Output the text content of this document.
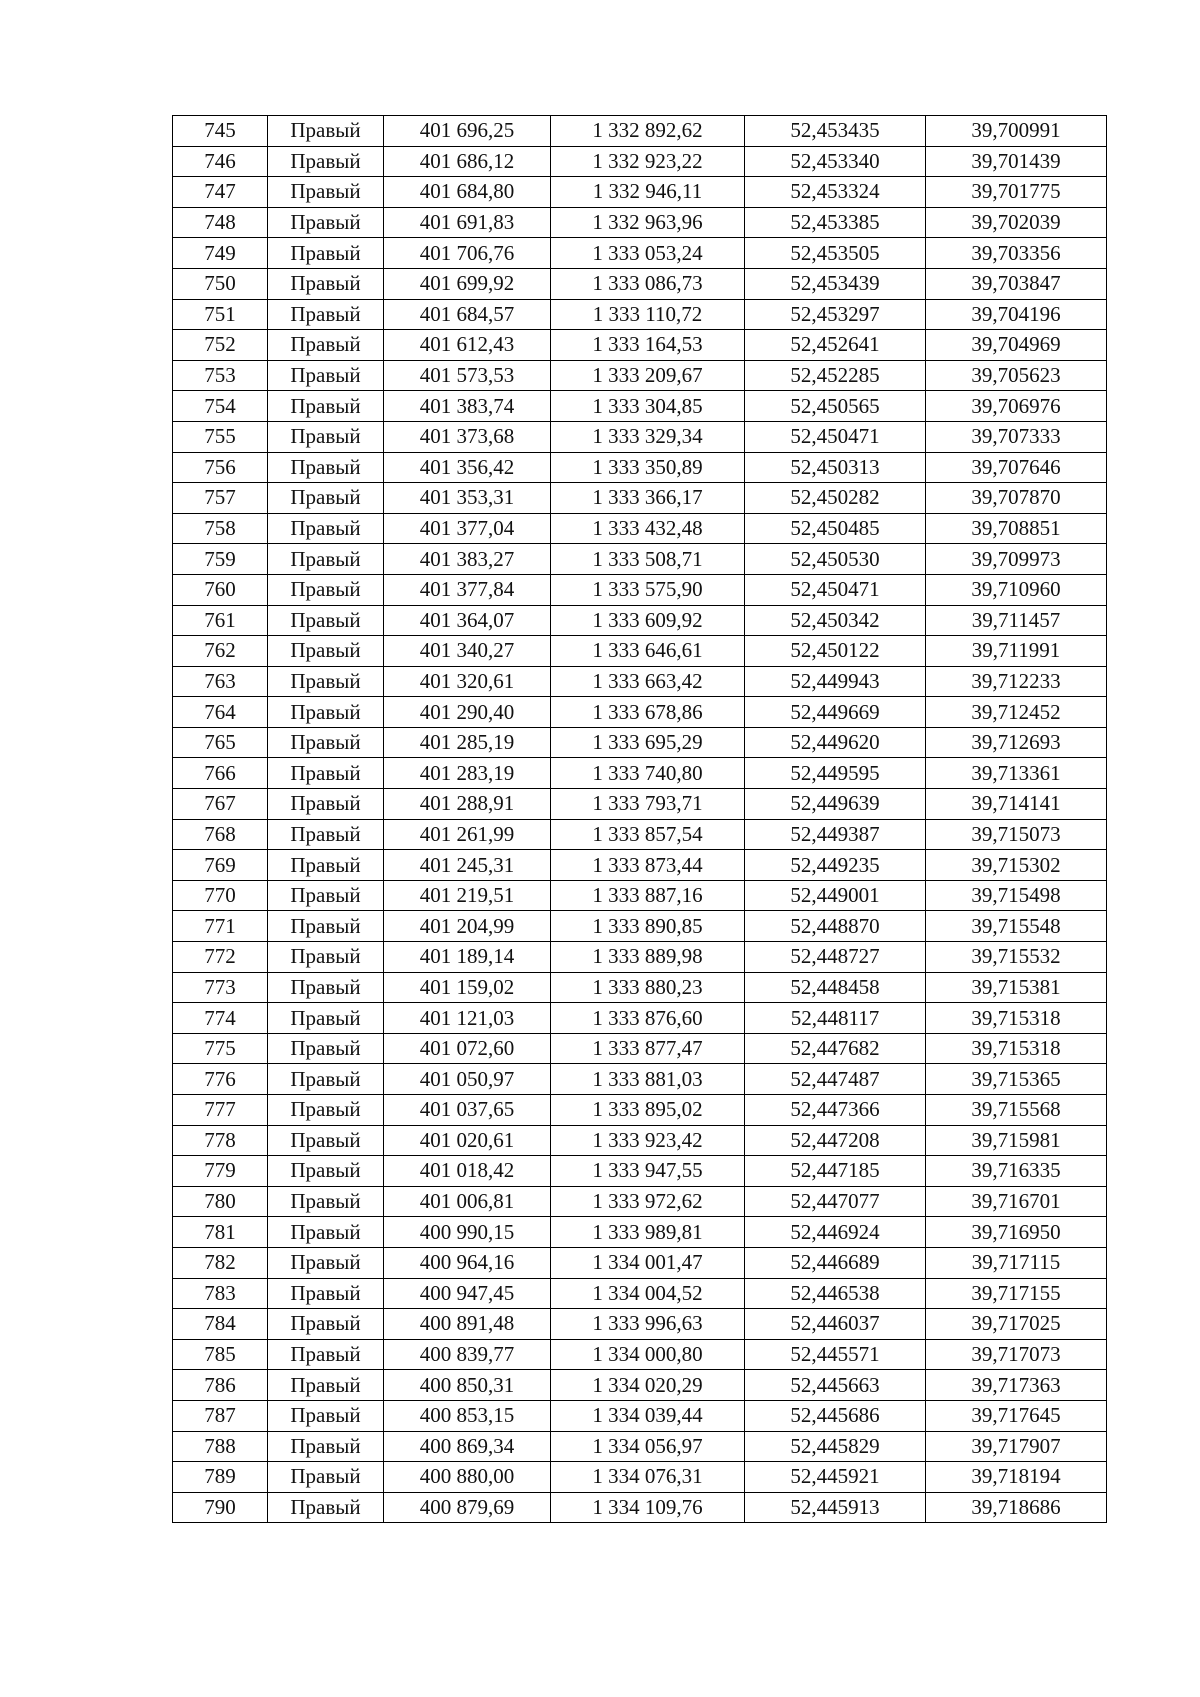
745	Правый	401 696,25	1 332 892,62	52,453435	39,700991
746	Правый	401 686,12	1 332 923,22	52,453340	39,701439
747	Правый	401 684,80	1 332 946,11	52,453324	39,701775
748	Правый	401 691,83	1 332 963,96	52,453385	39,702039
749	Правый	401 706,76	1 333 053,24	52,453505	39,703356
750	Правый	401 699,92	1 333 086,73	52,453439	39,703847
751	Правый	401 684,57	1 333 110,72	52,453297	39,704196
752	Правый	401 612,43	1 333 164,53	52,452641	39,704969
753	Правый	401 573,53	1 333 209,67	52,452285	39,705623
754	Правый	401 383,74	1 333 304,85	52,450565	39,706976
755	Правый	401 373,68	1 333 329,34	52,450471	39,707333
756	Правый	401 356,42	1 333 350,89	52,450313	39,707646
757	Правый	401 353,31	1 333 366,17	52,450282	39,707870
758	Правый	401 377,04	1 333 432,48	52,450485	39,708851
759	Правый	401 383,27	1 333 508,71	52,450530	39,709973
760	Правый	401 377,84	1 333 575,90	52,450471	39,710960
761	Правый	401 364,07	1 333 609,92	52,450342	39,711457
762	Правый	401 340,27	1 333 646,61	52,450122	39,711991
763	Правый	401 320,61	1 333 663,42	52,449943	39,712233
764	Правый	401 290,40	1 333 678,86	52,449669	39,712452
765	Правый	401 285,19	1 333 695,29	52,449620	39,712693
766	Правый	401 283,19	1 333 740,80	52,449595	39,713361
767	Правый	401 288,91	1 333 793,71	52,449639	39,714141
768	Правый	401 261,99	1 333 857,54	52,449387	39,715073
769	Правый	401 245,31	1 333 873,44	52,449235	39,715302
770	Правый	401 219,51	1 333 887,16	52,449001	39,715498
771	Правый	401 204,99	1 333 890,85	52,448870	39,715548
772	Правый	401 189,14	1 333 889,98	52,448727	39,715532
773	Правый	401 159,02	1 333 880,23	52,448458	39,715381
774	Правый	401 121,03	1 333 876,60	52,448117	39,715318
775	Правый	401 072,60	1 333 877,47	52,447682	39,715318
776	Правый	401 050,97	1 333 881,03	52,447487	39,715365
777	Правый	401 037,65	1 333 895,02	52,447366	39,715568
778	Правый	401 020,61	1 333 923,42	52,447208	39,715981
779	Правый	401 018,42	1 333 947,55	52,447185	39,716335
780	Правый	401 006,81	1 333 972,62	52,447077	39,716701
781	Правый	400 990,15	1 333 989,81	52,446924	39,716950
782	Правый	400 964,16	1 334 001,47	52,446689	39,717115
783	Правый	400 947,45	1 334 004,52	52,446538	39,717155
784	Правый	400 891,48	1 333 996,63	52,446037	39,717025
785	Правый	400 839,77	1 334 000,80	52,445571	39,717073
786	Правый	400 850,31	1 334 020,29	52,445663	39,717363
787	Правый	400 853,15	1 334 039,44	52,445686	39,717645
788	Правый	400 869,34	1 334 056,97	52,445829	39,717907
789	Правый	400 880,00	1 334 076,31	52,445921	39,718194
790	Правый	400 879,69	1 334 109,76	52,445913	39,718686
